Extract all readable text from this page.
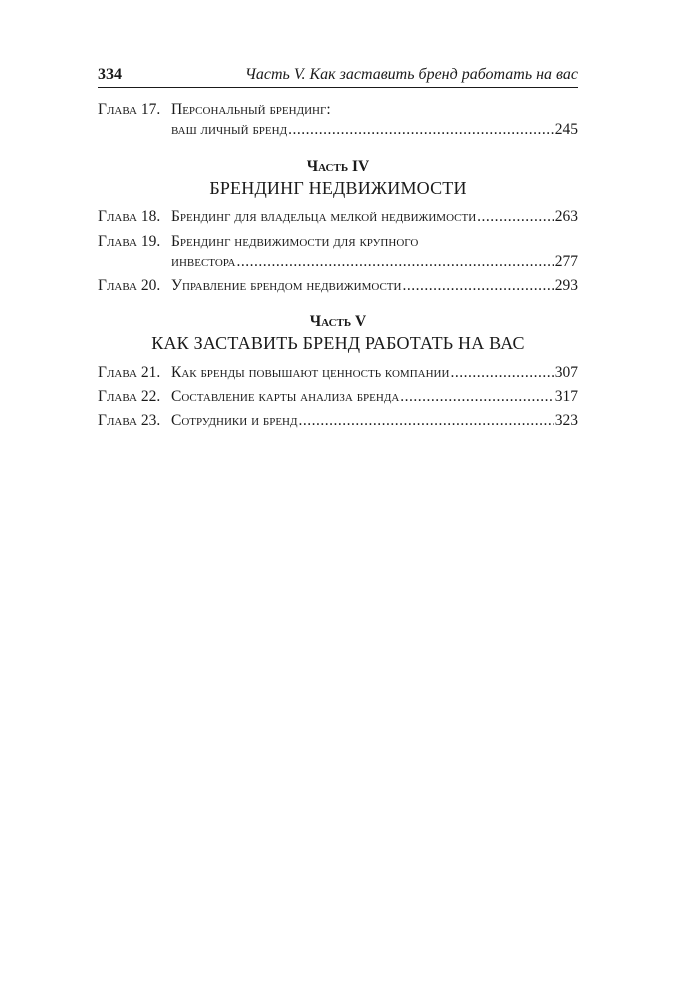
334	Часть V. Как заставить бренд работать на вас
Глава 17. Персональный брендинг:
ваш личный бренд .....	245
Часть IV
БРЕНДИНГ НЕДВИЖИМОСТИ
Глава 18. Брендинг для владельца мелкой недвижимости .....	263
Глава 19. Брендинг недвижимости для крупного
инвестора .....	277
Глава 20. Управление брендом недвижимости .....	293
Часть V
КАК ЗАСТАВИТЬ БРЕНД РАБОТАТЬ НА ВАС
Глава 21. Как бренды повышают ценность компании .....	307
Глава 22. Составление карты анализа бренда .....	317
Глава 23. Сотрудники и бренд .....	323
